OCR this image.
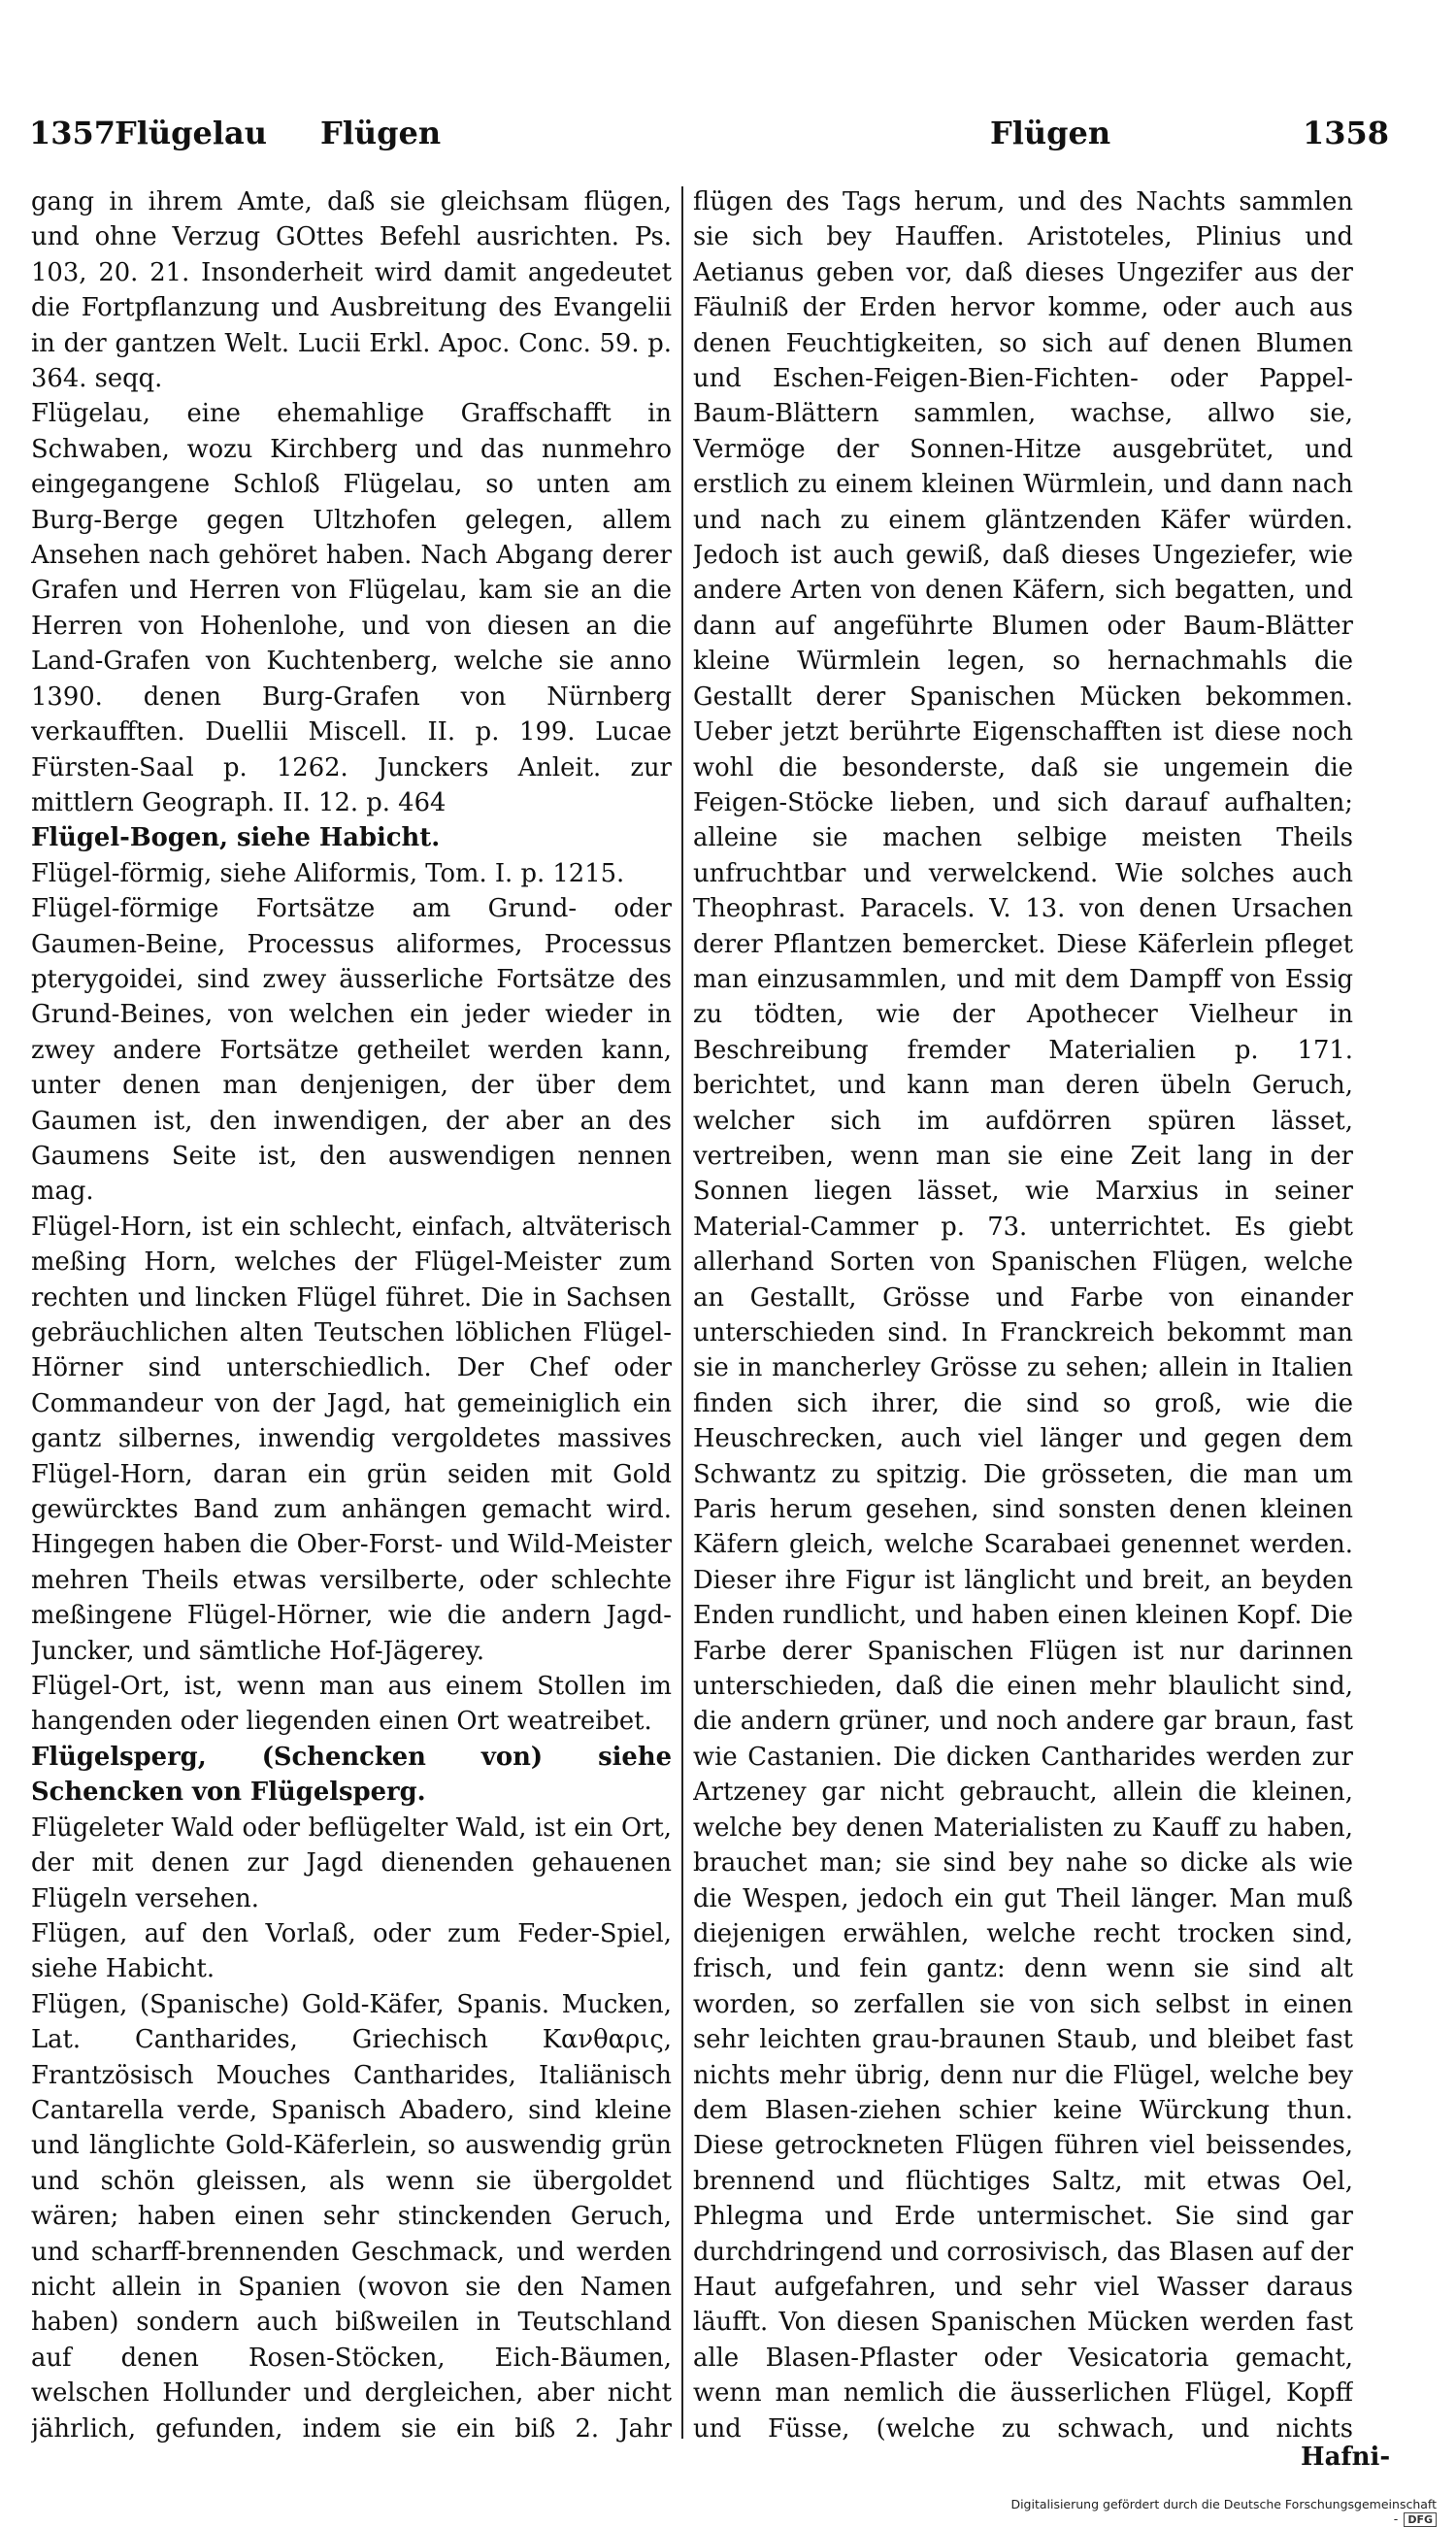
1357
Flügelau Flügen	Flügen	1358

gang in ihrem Amte, daß sie gleichsam flügen, und ohne Verzug GOttes Befehl ausrichten. Ps. 103, 20. 21. Insonderheit wird damit angedeutet die Fortpflanzung und Ausbreitung des Evangelii in der gantzen Welt. Lucii Erkl. Apoc. Conc. 59. p. 364. seqq.

Flügelau, eine ehemahlige Graffschafft in Schwaben, wozu Kirchberg und das nunmehro eingegangene Schloß Flügelau, so unten am Burg-Berge gegen Ultzhofen gelegen, allem Ansehen nach gehöret haben. Nach Abgang derer Grafen und Herren von Flügelau, kam sie an die Herren von Hohenlohe, und von diesen an die Land-Grafen von Kuchtenberg, welche sie anno 1390. denen Burg-Grafen von Nürnberg verkaufften. Duellii Miscell. II. p. 199. Lucae Fürsten-Saal p. 1262. Junckers Anleit. zur mittlern Geograph. II. 12. p. 464

Flügel-Bogen, siehe Habicht.

Flügel-förmig, siehe Aliformis, Tom. I. p. 1215.

Flügel-förmige Fortsätze am Grund- oder Gaumen-Beine, Processus aliformes, Processus pterygoidei, sind zwey äusserliche Fortsätze des Grund-Beines, von welchen ein jeder wieder in zwey andere Fortsätze getheilet werden kann, unter denen man denjenigen, der über dem Gaumen ist, den inwendigen, der aber an des Gaumens Seite ist, den auswendigen nennen mag.

Flügel-Horn, ist ein schlecht, einfach, altväterisch meßing Horn, welches der Flügel-Meister zum rechten und lincken Flügel führet. Die in Sachsen gebräuchlichen alten Teutschen löblichen Flügel-Hörner sind unterschiedlich. Der Chef oder Commandeur von der Jagd, hat gemeiniglich ein gantz silbernes, inwendig vergoldetes massives Flügel-Horn, daran ein grün seiden mit Gold gewürcktes Band zum anhängen gemacht wird. Hingegen haben die Ober-Forst- und Wild-Meister mehren Theils etwas versilberte, oder schlechte meßingene Flügel-Hörner, wie die andern Jagd-Juncker, und sämtliche Hof-Jägerey.

Flügel-Ort, ist, wenn man aus einem Stollen im hangenden oder liegenden einen Ort weatreibet.

Flügelsperg, (Schencken von) siehe Schencken von Flügelsperg.

Flügeleter Wald oder beflügelter Wald, ist ein Ort, der mit denen zur Jagd dienenden gehauenen Flügeln versehen.

Flügen, auf den Vorlaß, oder zum Feder-Spiel, siehe Habicht.

Flügen, (Spanische) Gold-Käfer, Spanis. Mucken, Lat. Cantharides, Griechisch Κανθαρις, Frantzösisch Mouches Cantharides, Italiänisch Cantarella verde, Spanisch Abadero, sind kleine und länglichte Gold-Käferlein, so auswendig grün und schön gleissen, als wenn sie übergoldet wären; haben einen sehr stinckenden Geruch, und scharff-brennenden Geschmack, und werden nicht allein in Spanien (wovon sie den Namen haben) sondern auch bißweilen in Teutschland auf denen Rosen-Stöcken, Eich-Bäumen, welschen Hollunder und dergleichen, aber nicht jährlich, gefunden, indem sie ein biß 2. Jahr

flügen des Tags herum, und des Nachts sammlen sie sich bey Hauffen. Aristoteles, Plinius und Aetianus geben vor, daß dieses Ungezifer aus der Fäulniß der Erden hervor komme, oder auch aus denen Feuchtigkeiten, so sich auf denen Blumen und Eschen-Feigen-Bien-Fichten- oder Pappel-Baum-Blättern sammlen, wachse, allwo sie, Vermöge der Sonnen-Hitze ausgebrütet, und erstlich zu einem kleinen Würmlein, und dann nach und nach zu einem gläntzenden Käfer würden. Jedoch ist auch gewiß, daß dieses Ungeziefer, wie andere Arten von denen Käfern, sich begatten, und dann auf angeführte Blumen oder Baum-Blätter kleine Würmlein legen, so hernachmahls die Gestallt derer Spanischen Mücken bekommen. Ueber jetzt berührte Eigenschafften ist diese noch wohl die besonderste, daß sie ungemein die Feigen-Stöcke lieben, und sich darauf aufhalten; alleine sie machen selbige meisten Theils unfruchtbar und verwelckend. Wie solches auch Theophrast. Paracels. V. 13. von denen Ursachen derer Pflantzen bemercket. Diese Käferlein pfleget man einzusammlen, und mit dem Dampff von Essig zu tödten, wie der Apothecer Vielheur in Beschreibung fremder Materialien p. 171. berichtet, und kann man deren übeln Geruch, welcher sich im aufdörren spüren lässet, vertreiben, wenn man sie eine Zeit lang in der Sonnen liegen lässet, wie Marxius in seiner Material-Cammer p. 73. unterrichtet. Es giebt allerhand Sorten von Spanischen Flügen, welche an Gestallt, Grösse und Farbe von einander unterschieden sind. In Franckreich bekommt man sie in mancherley Grösse zu sehen; allein in Italien finden sich ihrer, die sind so groß, wie die Heuschrecken, auch viel länger und gegen dem Schwantz zu spitzig. Die grösseten, die man um Paris herum gesehen, sind sonsten denen kleinen Käfern gleich, welche Scarabaei genennet werden. Dieser ihre Figur ist länglicht und breit, an beyden Enden rundlicht, und haben einen kleinen Kopf. Die Farbe derer Spanischen Flügen ist nur darinnen unterschieden, daß die einen mehr blaulicht sind, die andern grüner, und noch andere gar braun, fast wie Castanien. Die dicken Cantharides werden zur Artzeney gar nicht gebraucht, allein die kleinen, welche bey denen Materialisten zu Kauff zu haben, brauchet man; sie sind bey nahe so dicke als wie die Wespen, jedoch ein gut Theil länger. Man muß diejenigen erwählen, welche recht trocken sind, frisch, und fein gantz: denn wenn sie sind alt worden, so zerfallen sie von sich selbst in einen sehr leichten grau-braunen Staub, und bleibet fast nichts mehr übrig, denn nur die Flügel, welche bey dem Blasen-ziehen schier keine Würckung thun. Diese getrockneten Flügen führen viel beissendes, brennend und flüchtiges Saltz, mit etwas Oel, Phlegma und Erde untermischet. Sie sind gar durchdringend und corrosivisch, das Blasen auf der Haut aufgefahren, und sehr viel Wasser daraus läufft. Von diesen Spanischen Mücken werden fast alle Blasen-Pflaster oder Vesicatoria gemacht, wenn man nemlich die äusserlichen Flügel, Kopff und Füsse, (welche zu schwach, und nichts

Hafni-
Digitalisierung gefördert durch die Deutsche Forschungsgemeinschaft - DFG
